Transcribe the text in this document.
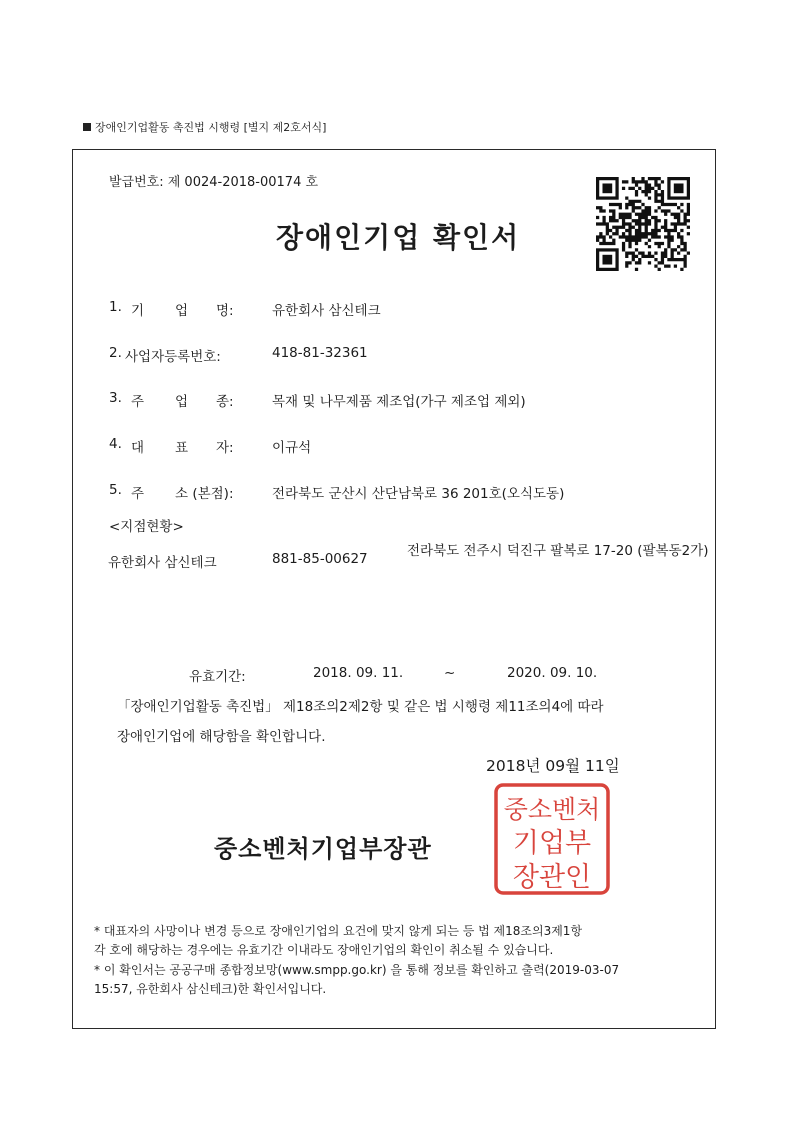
장애인기업활동 촉진법 시행령 [별지 제2호서식]
발급번호: 제 0024-2018-00174 호
장애인기업 확인서
1. 기 업 명:	유한회사 삼신테크
2. 사업자등록번호:	418-81-32361
3. 주 업 종:	목재 및 나무제품 제조업(가구 제조업 제외)
4. 대 표 자:	이규석
5. 주 소 (본점):	전라북도 군산시 산단남북로 36 201호(오식도동)
<지점현황>
유한회사 삼신테크	881-85-00627	전라북도 전주시 덕진구 팔복로 17-20 (팔복동2가)
유효기간:	2018. 09. 11.	~	2020. 09. 10.
「장애인기업활동 촉진법」 제18조의2제2항 및 같은 법 시행령 제11조의4에 따라
장애인기업에 해당함을 확인합니다.
2018년 09월 11일
중소벤처기업부장관
중소벤처
기업부
장관인
* 대표자의 사망이나 변경 등으로 장애인기업의 요건에 맞지 않게 되는 등 법 제18조의3제1항
각 호에 해당하는 경우에는 유효기간 이내라도 장애인기업의 확인이 취소될 수 있습니다.
* 이 확인서는 공공구매 종합정보망(www.smpp.go.kr) 을 통해 정보를 확인하고 출력(2019-03-07
15:57, 유한회사 삼신테크)한 확인서입니다.
